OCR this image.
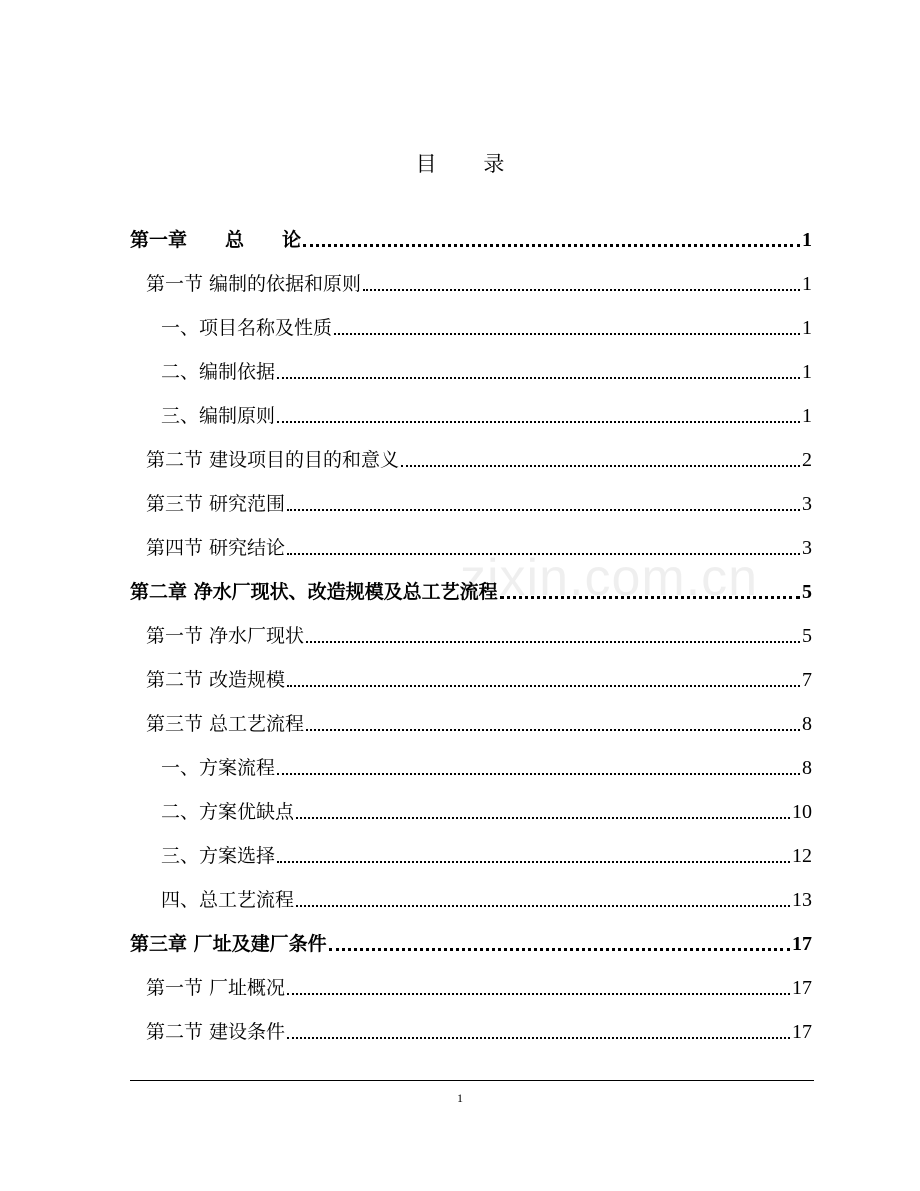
目 录
zixin.com.cn
第一章　　总　　论	1
第一节 编制的依据和原则	1
一、项目名称及性质	1
二、编制依据	1
三、编制原则	1
第二节 建设项目的目的和意义	2
第三节 研究范围	3
第四节 研究结论	3
第二章 净水厂现状、改造规模及总工艺流程	5
第一节 净水厂现状	5
第二节 改造规模	7
第三节 总工艺流程	8
一、方案流程	8
二、方案优缺点	10
三、方案选择	12
四、总工艺流程	13
第三章 厂址及建厂条件	17
第一节 厂址概况	17
第二节 建设条件	17
1
